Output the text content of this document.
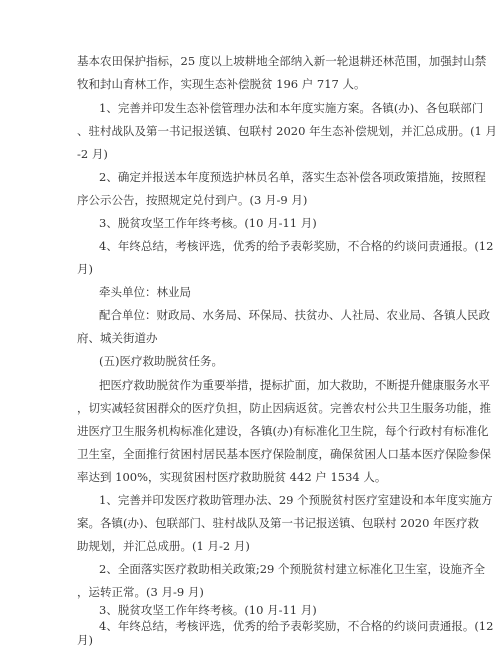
基本农田保护指标，25 度以上坡耕地全部纳入新一轮退耕还林范围，加强封山禁
牧和封山育林工作，实现生态补偿脱贫 196 户 717 人。
1、完善并印发生态补偿管理办法和本年度实施方案。各镇(办)、各包联部门
、驻村战队及第一书记报送镇、包联村 2020 年生态补偿规划，并汇总成册。(1 月
-2 月)
2、确定并报送本年度预选护林员名单，落实生态补偿各项政策措施，按照程
序公示公告，按照规定兑付到户。(3 月-9 月)
3、脱贫攻坚工作年终考核。(10 月-11 月)
4、年终总结，考核评选，优秀的给予表彰奖励，不合格的约谈问责通报。(12
月)
牵头单位：林业局
配合单位：财政局、水务局、环保局、扶贫办、人社局、农业局、各镇人民政
府、城关街道办
(五)医疗救助脱贫任务。
把医疗救助脱贫作为重要举措，提标扩面，加大救助，不断提升健康服务水平
，切实减轻贫困群众的医疗负担，防止因病返贫。完善农村公共卫生服务功能，推
进医疗卫生服务机构标准化建设，各镇(办)有标准化卫生院，每个行政村有标准化
卫生室，全面推行贫困村居民基本医疗保险制度，确保贫困人口基本医疗保险参保
率达到 100%，实现贫困村医疗救助脱贫 442 户 1534 人。
1、完善并印发医疗救助管理办法、29 个预脱贫村医疗室建设和本年度实施方
案。各镇(办)、包联部门、驻村战队及第一书记报送镇、包联村 2020 年医疗救
助规划，并汇总成册。(1 月-2 月)
2、全面落实医疗救助相关政策;29 个预脱贫村建立标准化卫生室，设施齐全
，运转正常。(3 月-9 月)
3、脱贫攻坚工作年终考核。(10 月-11 月)
4、年终总结，考核评选，优秀的给予表彰奖励，不合格的约谈问责通报。(12
月)
